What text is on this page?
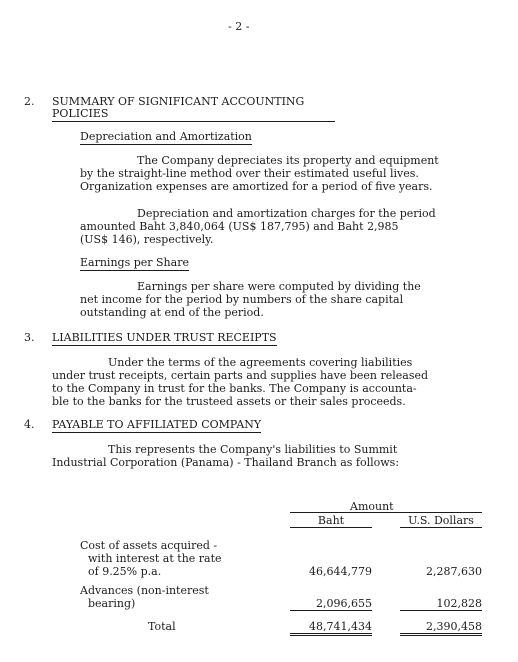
- 2 -
2. SUMMARY OF SIGNIFICANT ACCOUNTING
POLICIES
Depreciation and Amortization
The Company depreciates its property and equipment
by the straight-line method over their estimated useful lives.
Organization expenses are amortized for a period of five years.
Depreciation and amortization charges for the period
amounted Baht 3,840,064 (US$ 187,795) and Baht 2,985
(US$ 146), respectively.
Earnings per Share
Earnings per share were computed by dividing the
net income for the period by numbers of the share capital
outstanding at end of the period.
3. LIABILITIES UNDER TRUST RECEIPTS
Under the terms of the agreements covering liabilities
under trust receipts, certain parts and supplies have been released
to the Company in trust for the banks. The Company is accounta-
ble to the banks for the trusteed assets or their sales proceeds.
4. PAYABLE TO AFFILIATED COMPANY
This represents the Company's liabilities to Summit
Industrial Corporation (Panama) - Thailand Branch as follows:
Amount
Baht	U.S. Dollars
Cost of assets acquired -
with interest at the rate
of 9.25% p.a.	46,644,779	2,287,630
Advances (non-interest
bearing)	2,096,655	102,828
Total	48,741,434	2,390,458
